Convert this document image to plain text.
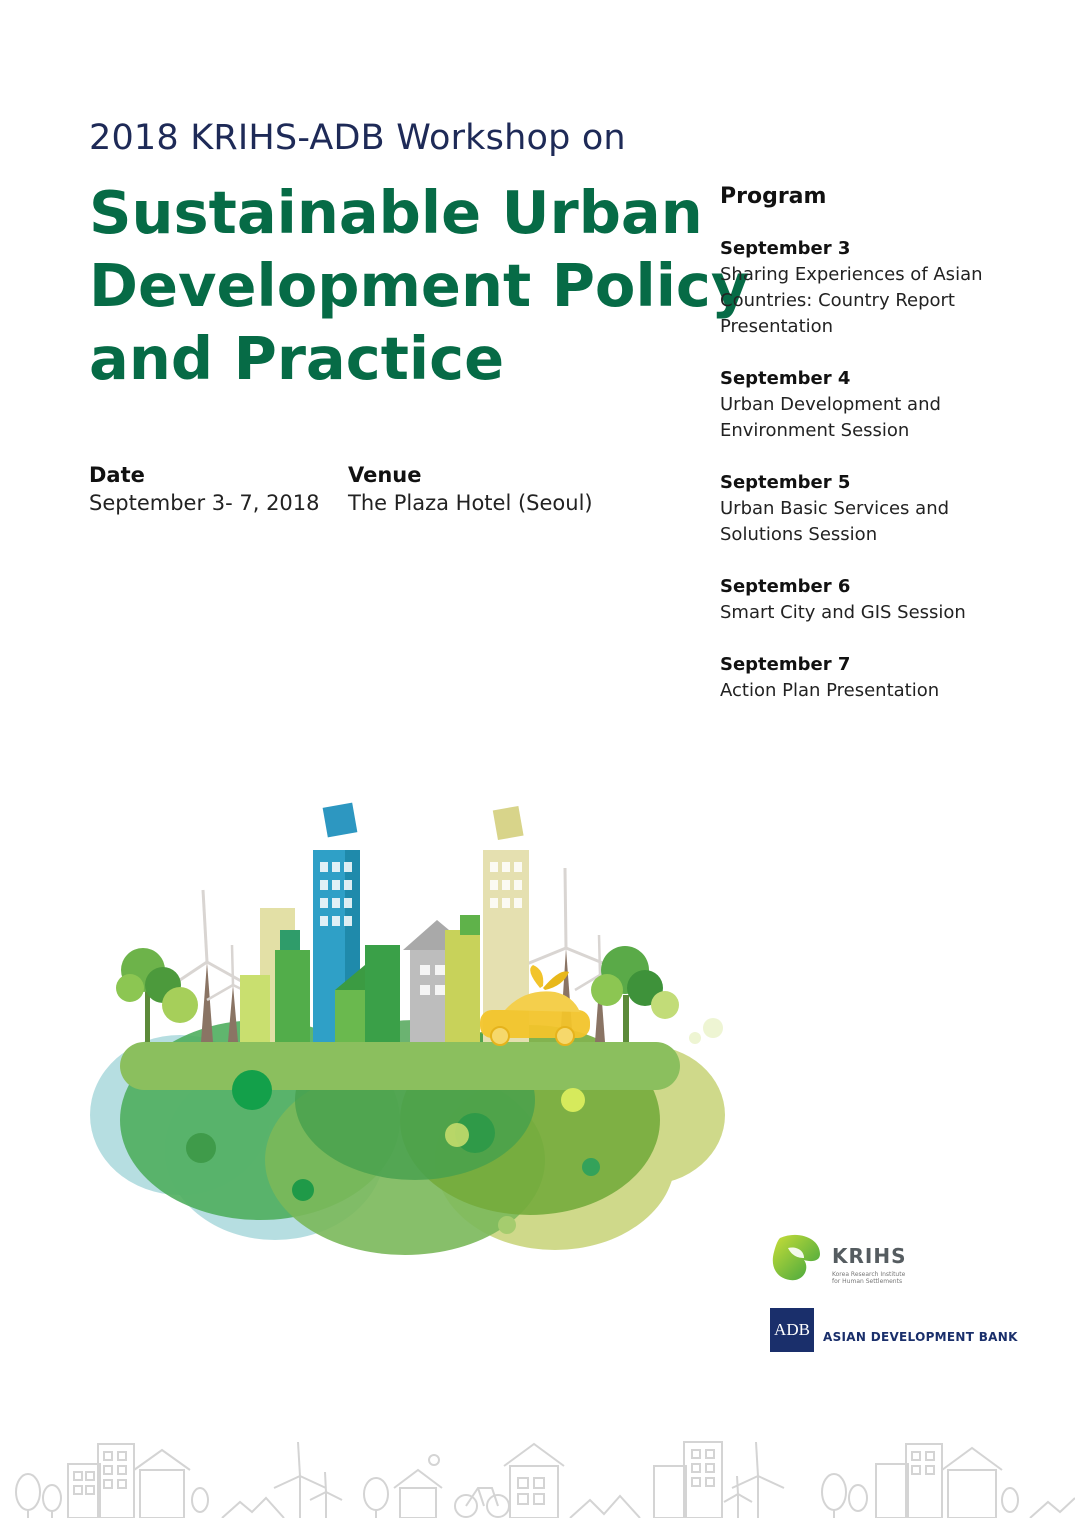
2018 KRIHS-ADB Workshop on
Sustainable Urban
Development Policy
and Practice
Date
September 3- 7, 2018
Venue
The Plaza Hotel (Seoul)
Program
September 3
Sharing Experiences of Asian
Countries: Country Report
Presentation
September 4
Urban Development and
Environment Session
September 5
Urban Basic Services and
Solutions Session
September 6
Smart City and GIS Session
September 7
Action Plan Presentation
KRIHS
Korea Research Institute for Human Settlements
ADB	ASIAN DEVELOPMENT BANK
